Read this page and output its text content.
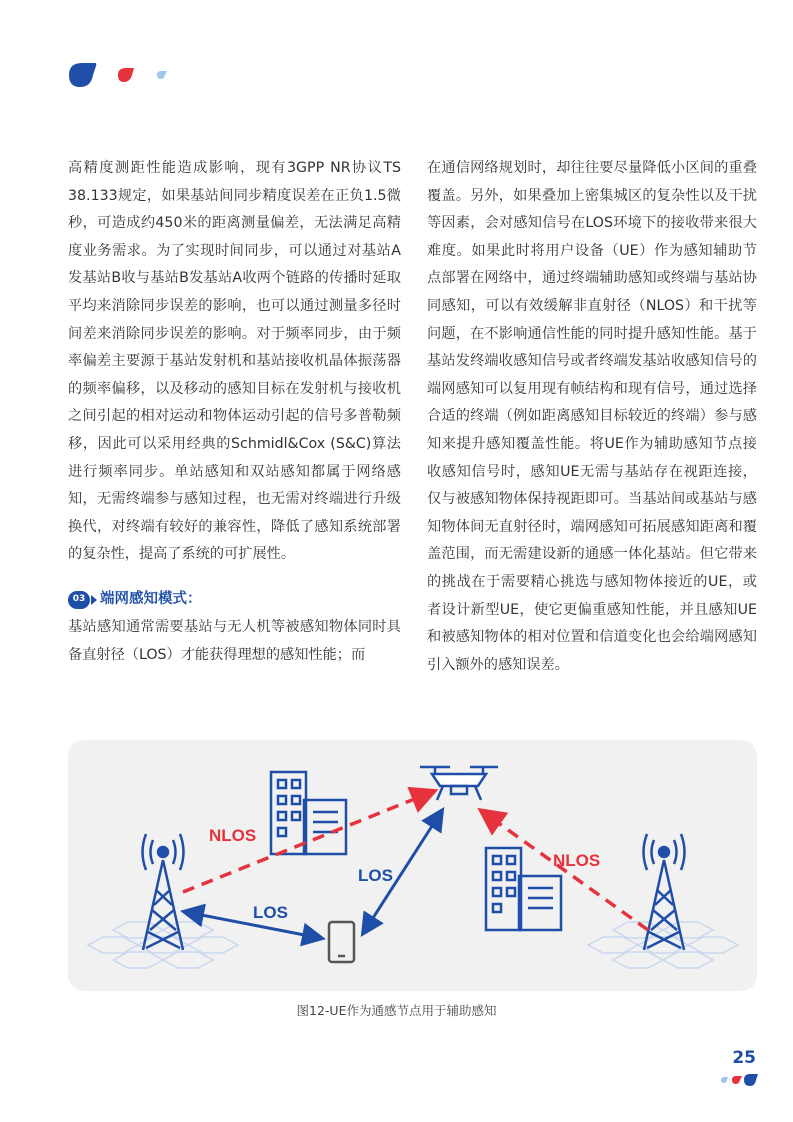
高精度测距性能造成影响，现有3GPP NR协议TS 38.133规定，如果基站间同步精度误差在正负1.5微秒，可造成约450米的距离测量偏差，无法满足高精度业务需求。为了实现时间同步，可以通过对基站A发基站B收与基站B发基站A收两个链路的传播时延取平均来消除同步误差的影响，也可以通过测量多径时间差来消除同步误差的影响。对于频率同步，由于频率偏差主要源于基站发射机和基站接收机晶体振荡器的频率偏移，以及移动的感知目标在发射机与接收机之间引起的相对运动和物体运动引起的信号多普勒频移，因此可以采用经典的Schmidl&Cox (S&C)算法进行频率同步。单站感知和双站感知都属于网络感知，无需终端参与感知过程，也无需对终端进行升级换代，对终端有较好的兼容性，降低了感知系统部署的复杂性，提高了系统的可扩展性。

03	端网感知模式：

基站感知通常需要基站与无人机等被感知物体同时具备直射径（LOS）才能获得理想的感知性能；而

在通信网络规划时，却往往要尽量降低小区间的重叠覆盖。另外，如果叠加上密集城区的复杂性以及干扰等因素，会对感知信号在LOS环境下的接收带来很大难度。如果此时将用户设备（UE）作为感知辅助节点部署在网络中，通过终端辅助感知或终端与基站协同感知，可以有效缓解非直射径（NLOS）和干扰等问题，在不影响通信性能的同时提升感知性能。基于基站发终端收感知信号或者终端发基站收感知信号的端网感知可以复用现有帧结构和现有信号，通过选择合适的终端（例如距离感知目标较近的终端）参与感知来提升感知覆盖性能。将UE作为辅助感知节点接收感知信号时，感知UE无需与基站存在视距连接，仅与被感知物体保持视距即可。当基站间或基站与感知物体间无直射径时，端网感知可拓展感知距离和覆盖范围，而无需建设新的通感一体化基站。但它带来的挑战在于需要精心挑选与感知物体接近的UE，或者设计新型UE，使它更偏重感知性能，并且感知UE和被感知物体的相对位置和信道变化也会给端网感知引入额外的感知误差。

NLOS
NLOS
LOS
LOS
图12-UE作为通感节点用于辅助感知
25
